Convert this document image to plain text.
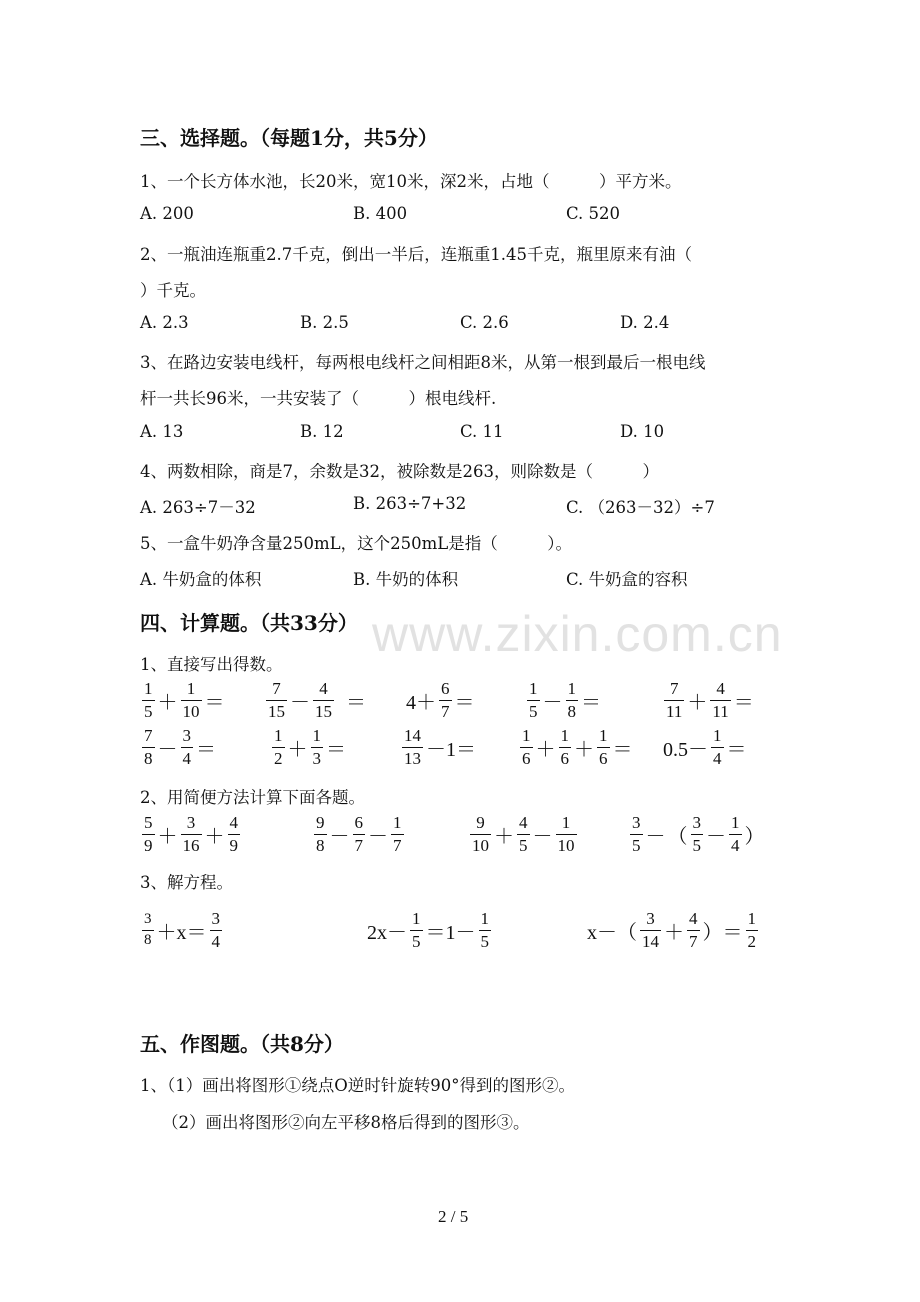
www.zixin.com.cn
三、选择题。（每题1分，共5分）
1、一个长方体水池，长20米，宽10米，深2米，占地（　　　）平方米。
A. 200	B. 400	C. 520
2、一瓶油连瓶重2.7千克，倒出一半后，连瓶重1.45千克，瓶里原来有油（
）千克。
A. 2.3	B. 2.5	C. 2.6	D. 2.4
3、在路边安装电线杆，每两根电线杆之间相距8米，从第一根到最后一根电线
杆一共长96米，一共安装了（　　　）根电线杆.
A. 13	B. 12	C. 11	D. 10
4、两数相除，商是7，余数是32，被除数是263，则除数是（　　　）
A. 263÷7－32	B. 263÷7+32	C. （263－32）÷7
5、一盒牛奶净含量250mL，这个250mL是指（　　　）。
A. 牛奶盒的体积	B. 牛奶的体积	C. 牛奶盒的容积
四、计算题。（共33分）
1、直接写出得数。
1
5 ＋
1
10 ＝
7
15 －
4
15 ＝ 4＋
6
7 ＝
1
5 －
1
8 ＝
7
11 ＋
4
11 ＝
7
8 －
3
4 ＝
1
2 ＋
1
3 ＝
14
13 －1＝
1
6 ＋
1
6 ＋
1
6 ＝ 0.5－
1
4 ＝
2、用简便方法计算下面各题。
5
9 ＋
3
16 ＋
4
9
9
8 －
6
7 －
1
7
9
10 ＋
4
5 －
1
10
3
5 － （
3
5 －
1
4 ）
3、解方程。
3
8 ＋x＝
3
4	2x－
1
5 ＝1－
1
5	x－（
3
14 ＋
4
7 ）＝
1
2
五、作图题。（共8分）
1、（1）画出将图形①绕点O逆时针旋转90°得到的图形②。
（2）画出将图形②向左平移8格后得到的图形③。
2 / 5
